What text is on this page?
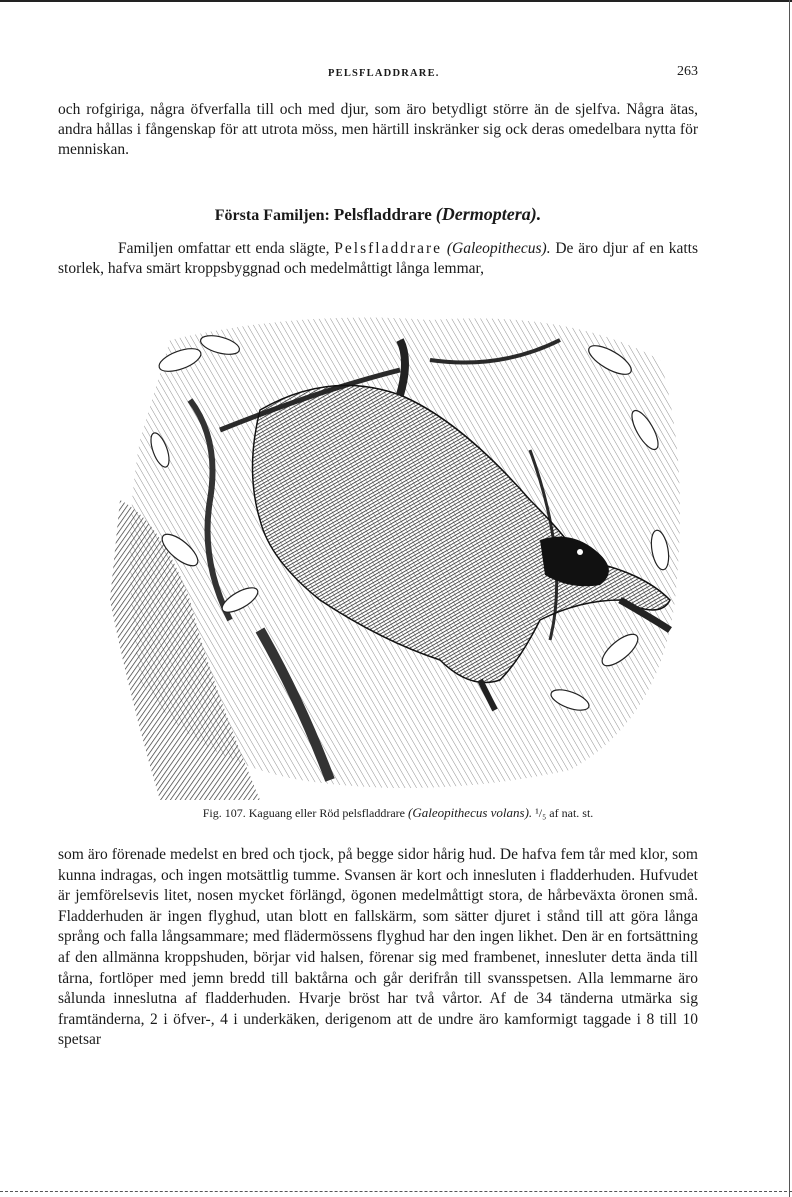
PELSFLADDRARE.	263

och rofgiriga, några öfverfalla till och med djur, som äro betydligt större än de sjelfva. Några ätas, andra hållas i fångenskap för att utrota möss, men härtill inskränker sig ock deras omedelbara nytta för menniskan.

Första Familjen: Pelsfladdrare (Dermoptera).

Familjen omfattar ett enda slägte, Pelsfladdrare (Galeopithecus). De äro djur af en katts storlek, hafva smärt kroppsbyggnad och medelmåttigt långa lemmar,

Fig. 107. Kaguang eller Röd pelsfladdrare (Galeopithecus volans). ¹/₅ af nat. st.

som äro förenade medelst en bred och tjock, på begge sidor hårig hud. De hafva fem tår med klor, som kunna indragas, och ingen motsättlig tumme. Svansen är kort och innesluten i fladderhuden. Hufvudet är jemförelsevis litet, nosen mycket förlängd, ögonen medelmåttigt stora, de hårbeväxta öronen små. Fladderhuden är ingen flyghud, utan blott en fallskärm, som sätter djuret i stånd till att göra långa språng och falla långsammare; med flädermössens flyghud har den ingen likhet. Den är en fortsättning af den allmänna kroppshuden, börjar vid halsen, förenar sig med frambenet, innesluter detta ända till tårna, fortlöper med jemn bredd till baktårna och går derifrån till svansspetsen. Alla lemmarne äro sålunda inneslutna af fladderhuden. Hvarje bröst har två vårtor. Af de 34 tänderna utmärka sig framtänderna, 2 i öfver-, 4 i underkäken, derigenom att de undre äro kamformigt taggade i 8 till 10 spetsar
